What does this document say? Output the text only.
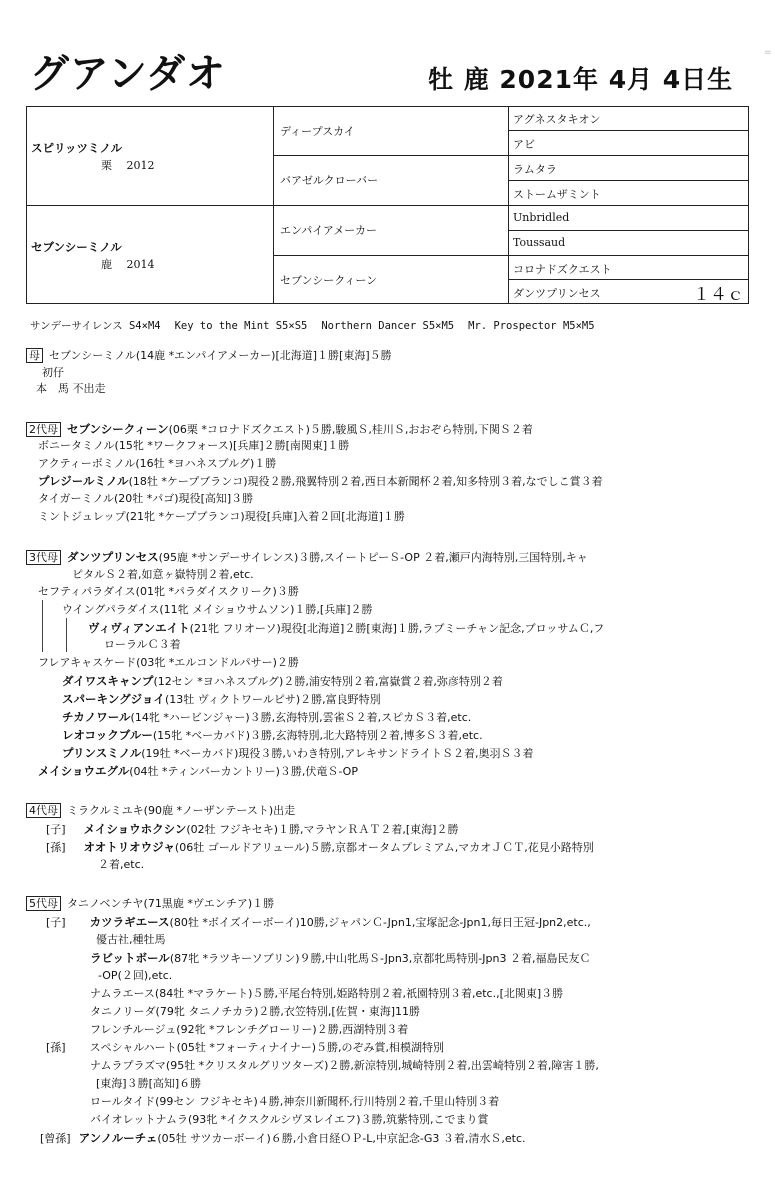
グアンダオ	牡 鹿 2021年 4月 4日生
=
スピリッツミノル
栗　 2012
セブンシーミノル
鹿　 2014
ディープスカイ
バアゼルクローバー
エンパイアメーカー
セブンシークィーン
アグネスタキオン
アビ
ラムタラ
ストームザミント
Unbridled
Toussaud
コロナドズクエスト
ダンツプリンセス	１４ｃ
サンデーサイレンス S4×M4 Key to the Mint S5×S5 Northern Dancer S5×M5 Mr. Prospector M5×M5
母 セブンシーミノル(14鹿 *エンパイアメーカー)[北海道]１勝[東海]５勝
初仔
本　馬 不出走
2代母 セブンシークィーン(06栗 *コロナドズクエスト)５勝,駿風Ｓ,桂川Ｓ,おおぞら特別,下関Ｓ２着
ボニータミノル(15牝 *ワークフォース)[兵庫]２勝[南関東]１勝
アクティーボミノル(16牡 *ヨハネスブルグ)１勝
プレジールミノル(18牡 *ケープブランコ)現役２勝,飛翼特別２着,西日本新聞杯２着,知多特別３着,なでしこ賞３着
タイガーミノル(20牡 *パゴ)現役[高知]３勝
ミントジュレップ(21牝 *ケープブランコ)現役[兵庫]入着２回[北海道]１勝
3代母 ダンツプリンセス(95鹿 *サンデーサイレンス)３勝,スイートピーＳ-OP ２着,瀬戸内海特別,三国特別,キャ
ピタルＳ２着,如意ヶ嶽特別２着,etc.
セフティパラダイス(01牝 *パラダイスクリーク)３勝
ウイングパラダイス(11牝 メイショウサムソン)１勝,[兵庫]２勝
ヴィヴィアンエイト(21牝 フリオーソ)現役[北海道]２勝[東海]１勝,ラブミーチャン記念,ブロッサムＣ,フ
ローラルＣ３着
フレアキャスケード(03牝 *エルコンドルパサー)２勝
ダイワスキャンプ(12セン *ヨハネスブルグ)２勝,浦安特別２着,富嶽賞２着,弥彦特別２着
スパーキングジョイ(13牡 ヴィクトワールピサ)２勝,富良野特別
チカノワール(14牝 *ハービンジャー)３勝,玄海特別,雲雀Ｓ２着,スピカＳ３着,etc.
レオコックブルー(15牝 *ベーカバド)３勝,玄海特別,北大路特別２着,博多Ｓ３着,etc.
プリンスミノル(19牡 *ベーカバド)現役３勝,いわき特別,アレキサンドライトＳ２着,奥羽Ｓ３着
メイショウエグル(04牡 *ティンバーカントリー)３勝,伏竜Ｓ-OP
4代母 ミラクルミユキ(90鹿 *ノーザンテースト)出走
[子] メイショウホクシン(02牡 フジキセキ)１勝,マラヤンＲＡＴ２着,[東海]２勝
[孫] オオトリオウジャ(06牡 ゴールドアリュール)５勝,京都オータムプレミアム,マカオＪＣＴ,花見小路特別
２着,etc.
5代母 タニノベンチヤ(71黒鹿 *ヴエンチア)１勝
[子] カツラギエース(80牡 *ボイズイーボーイ)10勝,ジャパンＣ-Jpn1,宝塚記念-Jpn1,毎日王冠-Jpn2,etc.,
優古社,種牡馬
ラビットボール(87牝 *ラツキーソブリン)９勝,中山牝馬Ｓ-Jpn3,京都牝馬特別-Jpn3 ２着,福島民友Ｃ
-OP(２回),etc.
ナムラエース(84牡 *マラケート)５勝,平尾台特別,姫路特別２着,祇園特別３着,etc.,[北関東]３勝
タニノリーダ(79牝 タニノチカラ)２勝,衣笠特別,[佐賀・東海]11勝
フレンチルージュ(92牝 *フレンチグローリー)２勝,西湖特別３着
[孫] スペシャルハート(05牡 *フォーティナイナー)５勝,のぞみ賞,相模湖特別
ナムラプラズマ(95牡 *クリスタルグリツターズ)２勝,新涼特別,城崎特別２着,出雲崎特別２着,障害１勝,
[東海]３勝[高知]６勝
ロールタイド(99セン フジキセキ)４勝,神奈川新聞杯,行川特別２着,千里山特別３着
バイオレットナムラ(93牝 *イクスクルシヴヌレイエフ)３勝,筑紫特別,こでまり賞
[曾孫] アンノルーチェ(05牡 サツカーボーイ)６勝,小倉日経ＯＰ-L,中京記念-G3 ３着,清水Ｓ,etc.
